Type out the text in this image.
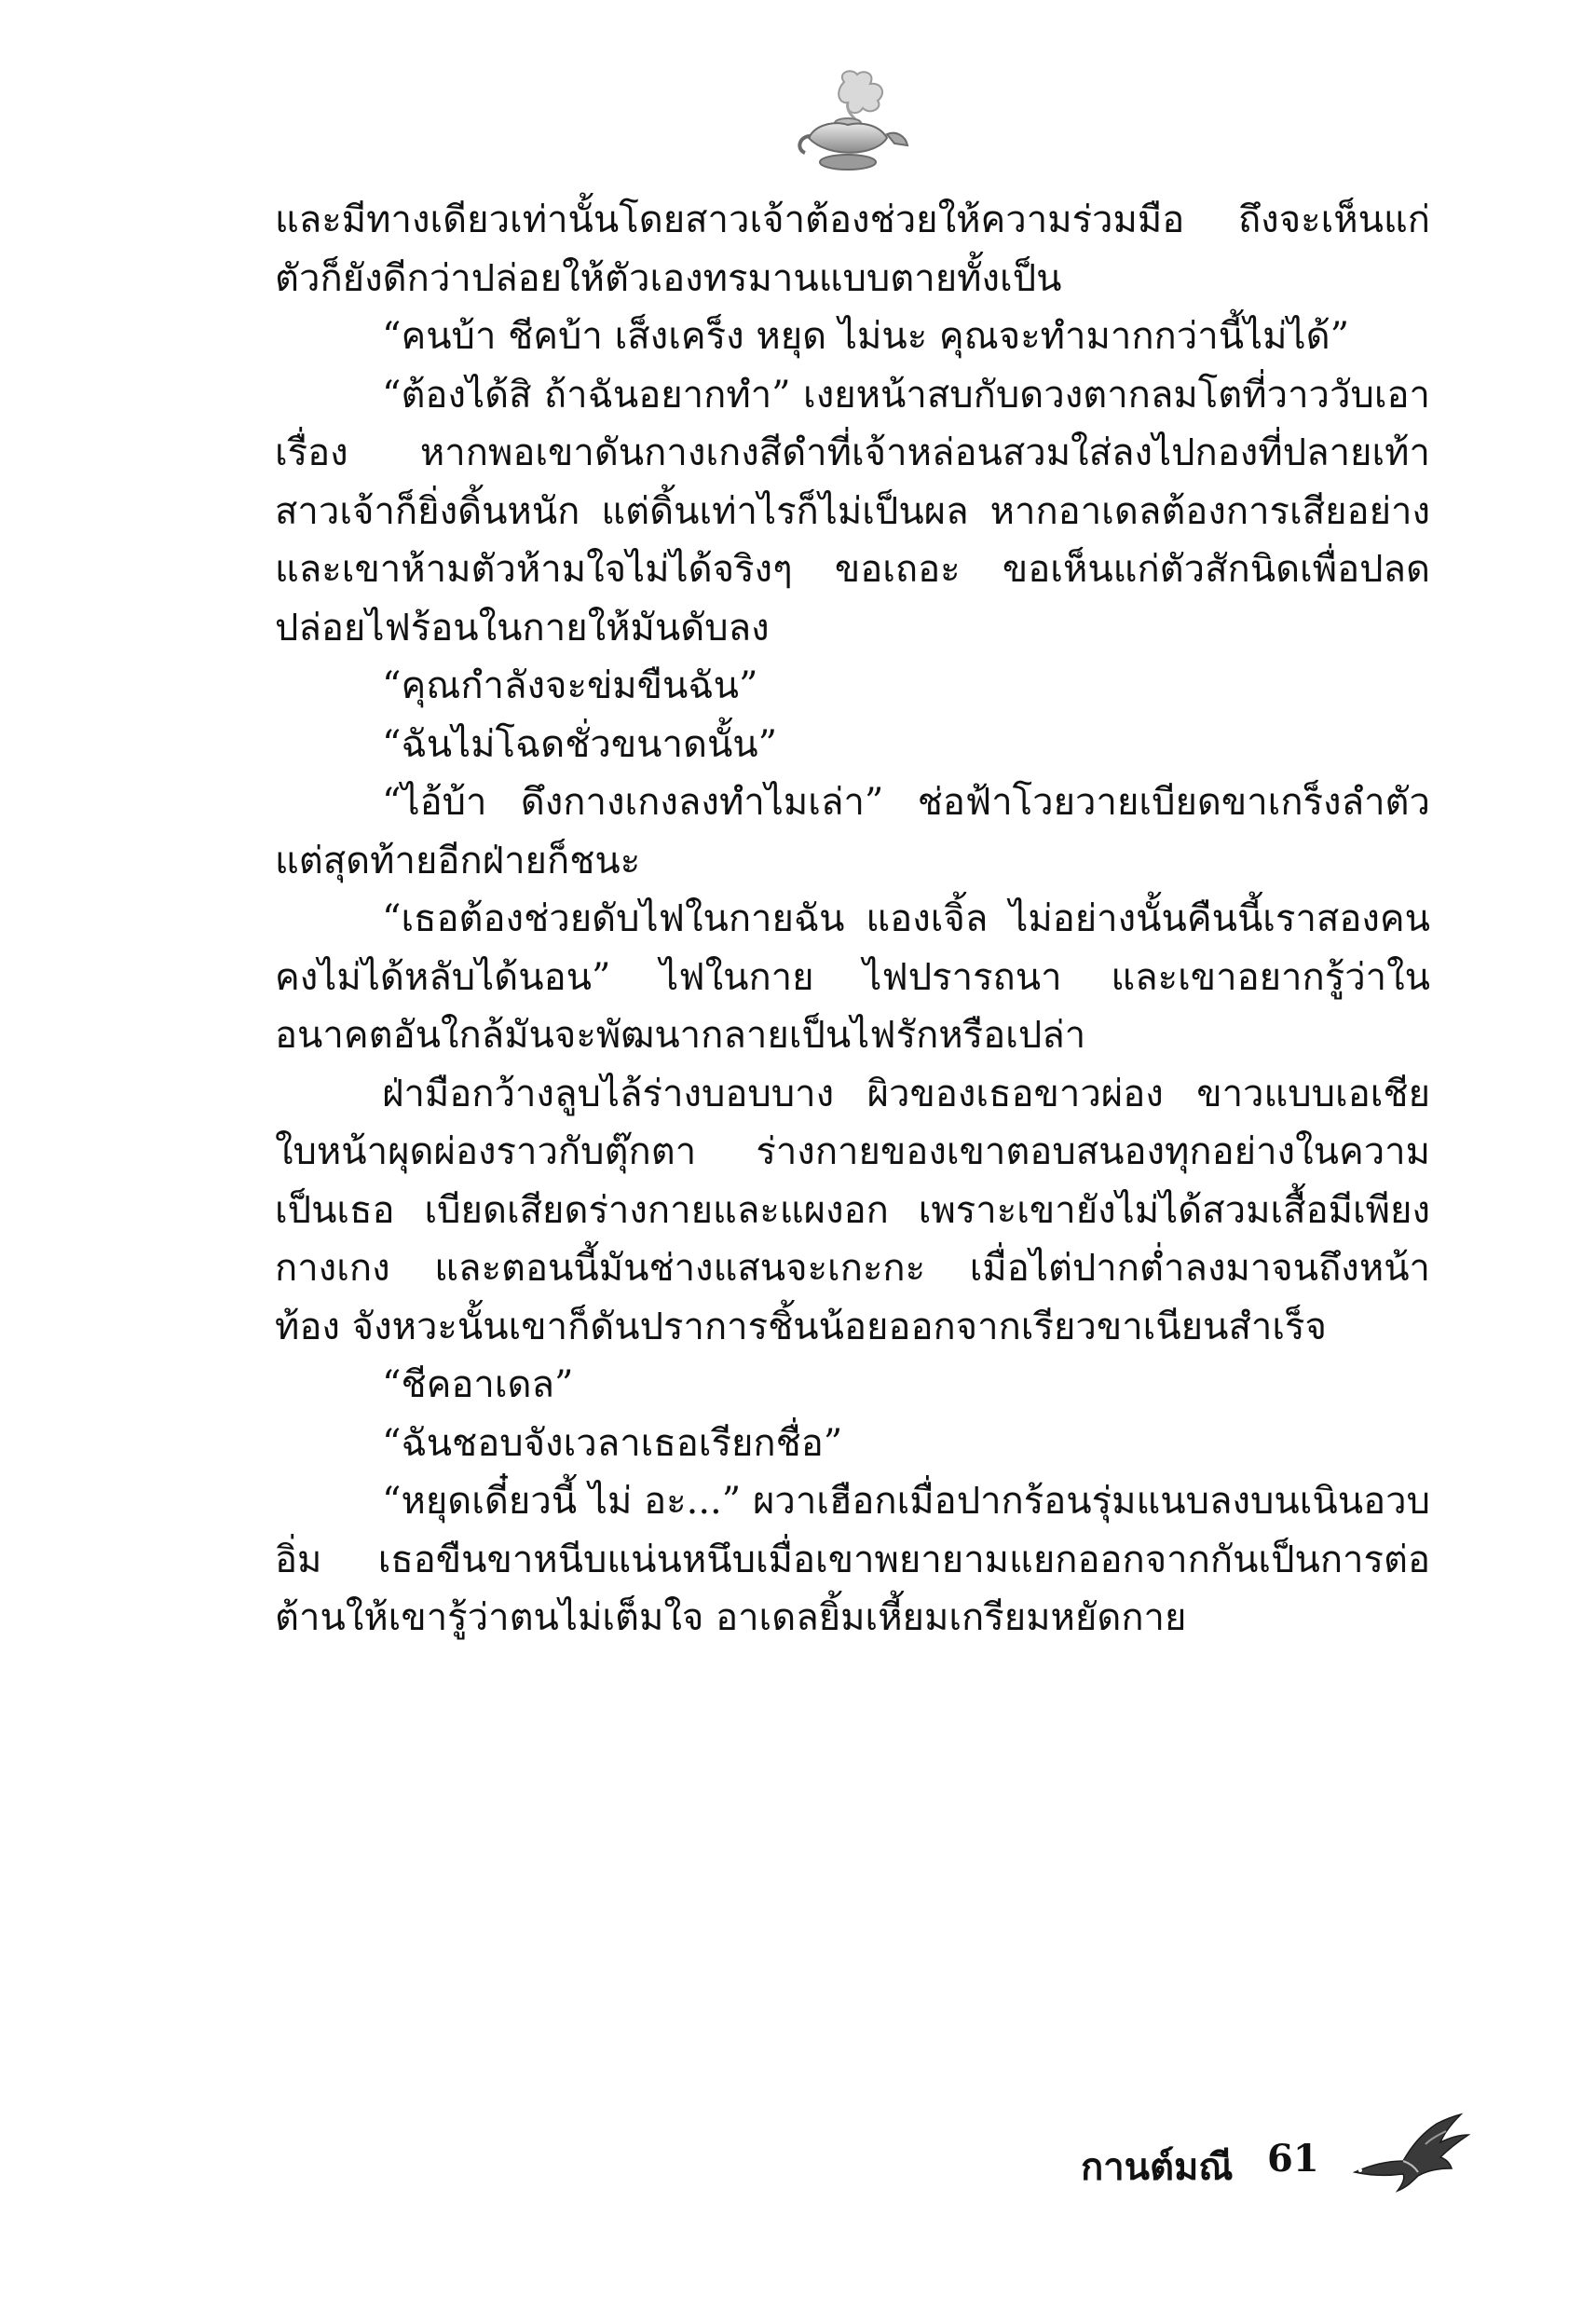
และมีทางเดียวเท่านั้นโดยสาวเจ้าต้องช่วยให้ความร่วมมือ ถึงจะเห็นแก่ตัวก็ยังดีกว่าปล่อยให้ตัวเองทรมานแบบตายทั้งเป็น

“คนบ้า ชีคบ้า เส็งเคร็ง หยุด ไม่นะ คุณจะทำมากกว่านี้ไม่ได้”

“ต้องได้สิ ถ้าฉันอยากทำ” เงยหน้าสบกับดวงตากลมโตที่วาววับเอาเรื่อง หากพอเขาดันกางเกงสีดำที่เจ้าหล่อนสวมใส่ลงไปกองที่ปลายเท้า สาวเจ้าก็ยิ่งดิ้นหนัก แต่ดิ้นเท่าไรก็ไม่เป็นผล หากอาเดลต้องการเสียอย่าง และเขาห้ามตัวห้ามใจไม่ได้จริงๆ ขอเถอะ ขอเห็นแก่ตัวสักนิดเพื่อปลดปล่อยไฟร้อนในกายให้มันดับลง

“คุณกำลังจะข่มขืนฉัน”

“ฉันไม่โฉดชั่วขนาดนั้น”

“ไอ้บ้า ดึงกางเกงลงทำไมเล่า” ช่อฟ้าโวยวายเบียดขาเกร็งลำตัวแต่สุดท้ายอีกฝ่ายก็ชนะ

“เธอต้องช่วยดับไฟในกายฉัน แองเจิ้ล ไม่อย่างนั้นคืนนี้เราสองคนคงไม่ได้หลับได้นอน” ไฟในกาย ไฟปรารถนา และเขาอยากรู้ว่าในอนาคตอันใกล้มันจะพัฒนากลายเป็นไฟรักหรือเปล่า

ฝ่ามือกว้างลูบไล้ร่างบอบบาง ผิวของเธอขาวผ่อง ขาวแบบเอเชียใบหน้าผุดผ่องราวกับตุ๊กตา ร่างกายของเขาตอบสนองทุกอย่างในความเป็นเธอ เบียดเสียดร่างกายและแผงอก เพราะเขายังไม่ได้สวมเสื้อมีเพียงกางเกง และตอนนี้มันช่างแสนจะเกะกะ เมื่อไต่ปากต่ำลงมาจนถึงหน้าท้อง จังหวะนั้นเขาก็ดันปราการชิ้นน้อยออกจากเรียวขาเนียนสำเร็จ

“ชีคอาเดล”

“ฉันชอบจังเวลาเธอเรียกชื่อ”

“หยุดเดี๋ยวนี้ ไม่ อะ...” ผวาเฮือกเมื่อปากร้อนรุ่มแนบลงบนเนินอวบอิ่ม เธอขืนขาหนีบแน่นหนึบเมื่อเขาพยายามแยกออกจากกันเป็นการต่อต้านให้เขารู้ว่าตนไม่เต็มใจ อาเดลยิ้มเหี้ยมเกรียมหยัดกาย

กานต์มณี 61
